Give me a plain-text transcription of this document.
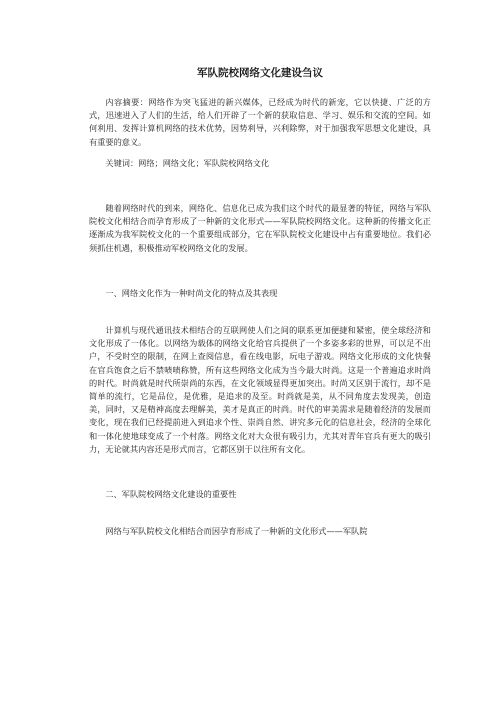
军队院校网络文化建设刍议

内容摘要：网络作为突飞猛进的新兴媒体，已经成为时代的新宠，它以快捷、广泛的方式，迅速进入了人们的生活，给人们开辟了一个新的获取信息、学习、娱乐和交流的空间。如何利用、发挥计算机网络的技术优势，因势利导，兴利除弊，对于加强我军思想文化建设，具有重要的意义。

关键词：网络；网络文化；军队院校网络文化

随着网络时代的到来，网络化、信息化已成为我们这个时代的最显著的特征，网络与军队院校文化相结合而孕育形成了一种新的文化形式——军队院校网络文化。这种新的传播文化正逐渐成为我军院校文化的一个重要组成部分，它在军队院校文化建设中占有重要地位。我们必须抓住机遇，积极推动军校网络文化的发展。

一、网络文化作为一种时尚文化的特点及其表现

计算机与现代通讯技术相结合的互联网使人们之间的联系更加便捷和紧密，使全球经济和文化形成了一体化。以网络为载体的网络文化给官兵提供了一个多姿多彩的世界，可以足不出户，不受时空的限制，在网上查阅信息，看在线电影，玩电子游戏。网络文化形成的文化快餐在官兵饱食之后不禁啧啧称赞，所有这些网络文化成为当今最大时尚。这是一个普遍追求时尚的时代。时尚就是时代所崇尚的东西，在文化领域显得更加突出。时尚又区别于流行，却不是简单的流行，它是品位，是优雅，是追求的及至。时尚就是美，从不同角度去发现美，创造美，同时，又是精神高度去理解美，美才是真正的时尚。时代的审美需求是随着经济的发展而变化，现在我们已经提前进入到追求个性、崇尚自然、讲究多元化的信息社会，经济的全球化和一体化使地球变成了一个村落。网络文化对大众很有吸引力，尤其对青年官兵有更大的吸引力，无论就其内容还是形式而言，它都区别于以往所有文化。

二、军队院校网络文化建设的重要性

网络与军队院校文化相结合而因孕育形成了一种新的文化形式——军队院
